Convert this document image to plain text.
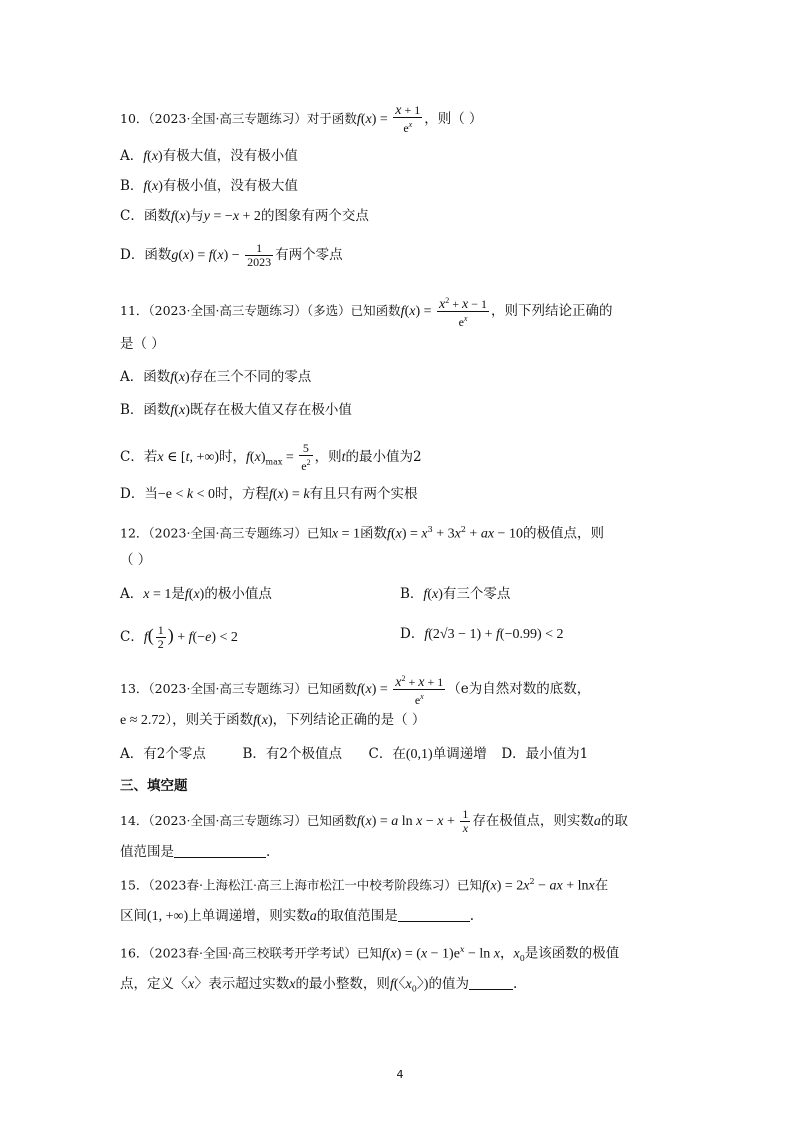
10．（2023·全国·高三专题练习）对于函数$f(x) = \frac{x + 1}{e^x}$ ，则（ ）
A．f(x)有极大值，没有极小值
B．f(x)有极小值，没有极大值
C．函数f(x)与y = −x + 2的图象有两个交点
D．函数$g(x) = f(x) - \frac{1}{2023}$ 有两个零点
11．（2023·全国·高三专题练习）（多选）已知函数$f(x) = \frac{x^2 + x - 1}{e^x}$ ，则下列结论正确的
是（ ）
A．函数f(x)存在三个不同的零点
B．函数f(x)既存在极大值又存在极小值
C．若x ∈ [t, +∞)时，$f(x)_{max} = \frac{5}{e^2}$ ，则t的最小值为2
D．当−e < k < 0时，方程f(x) = k有且只有两个实根
12．（2023·全国·高三专题练习）已知x = 1函数$f(x) = x^3 + 3x^2$ + ax − 10的极值点，则
（ ）
A．x = 1是f(x)的极小值点	B．f(x)有三个零点
C．$f( \frac{1}{2}$ ) + f(−e) < 2	D．f(2√3 − 1) + f(−0.99) < 2
13．（2023·全国·高三专题练习）已知函数$f(x) = \frac{x^2 + x + 1}{e^x} (e$为自然对数的底数，
e ≈ 2.72），则关于函数f(x)，下列结论正确的是（ ）
A．有2个零点	B．有2个极值点 C．在(0,1)单调递增 D．最小值为1
三、填空题
14．（2023·全国·高三专题练习）已知函数f(x) = a $\ln x - x + \frac{1}{x}$ 存在极值点，则实数a的取
值范围是	.
15．（2023春·上海松江·高三上海市松江一中校考阶段练习）已知$f(x) = 2x^2$ − ax + lnx在
区间(1, +∞)上单调递增，则实数a的取值范围是	.
16．（2023春·全国·高三校联考开学考试）已知$f(x) = (x - 1)e^x - \ln x$，$x_0$是该函数的极值
点，定义〈x〉表示超过实数x的最小整数，则f(〈$x_0$〉)的值为	.
4
